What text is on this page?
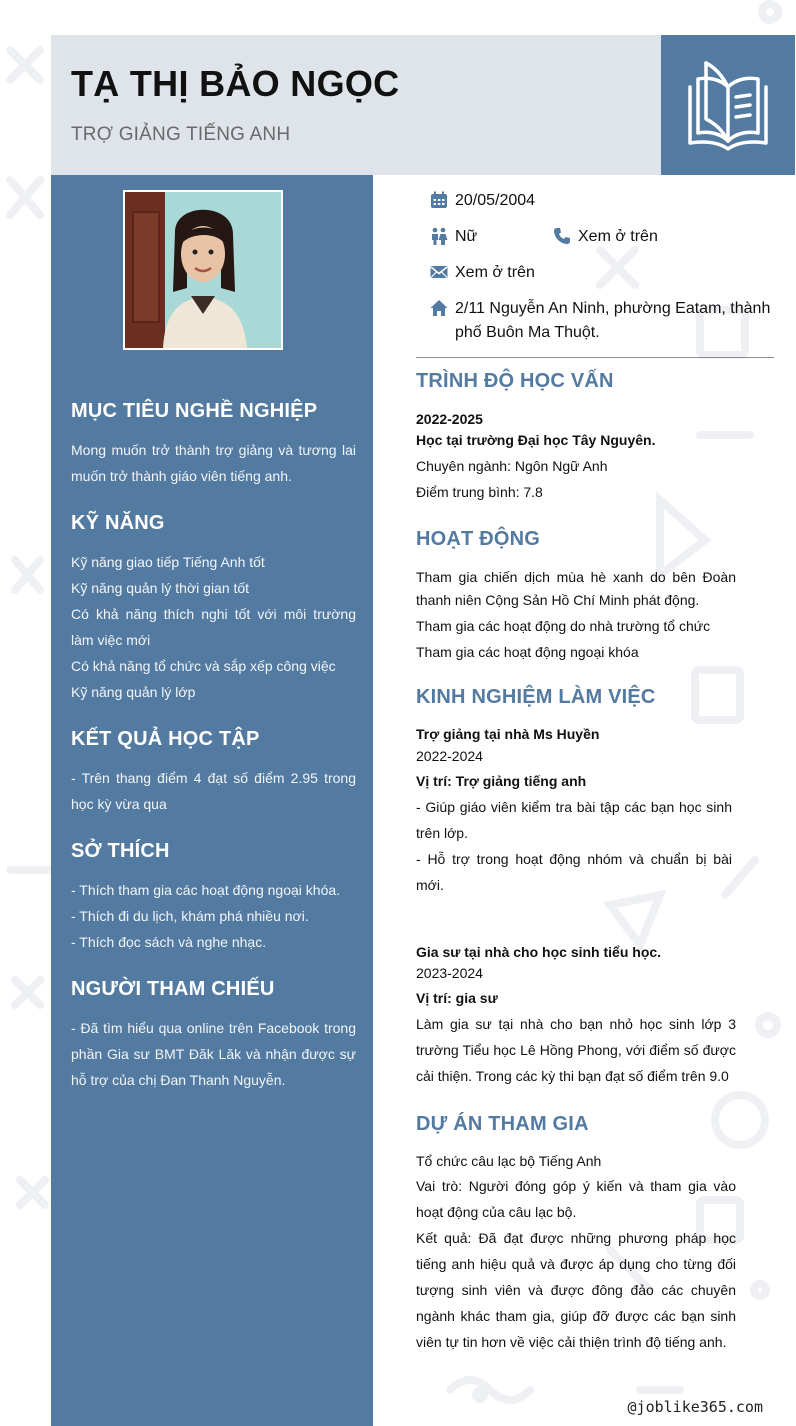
TẠ THỊ BẢO NGỌC
TRỢ GIẢNG TIẾNG ANH
MỤC TIÊU NGHỀ NGHIỆP
Mong muốn trở thành trợ giảng và tương lai muốn trở thành giáo viên tiếng anh.
KỸ NĂNG
Kỹ năng giao tiếp Tiếng Anh tốt
Kỹ năng quản lý thời gian tốt
Có khả năng thích nghi tốt với môi trường làm việc mới
Có khả năng tổ chức và sắp xếp công việc
Kỹ năng quản lý lớp
KẾT QUẢ HỌC TẬP
- Trên thang điểm 4 đạt số điểm 2.95 trong học kỳ vừa qua
SỞ THÍCH
- Thích tham gia các hoạt động ngoại khóa.
- Thích đi du lịch, khám phá nhiều nơi.
- Thích đọc sách và nghe nhạc.
NGƯỜI THAM CHIẾU
- Đã tìm hiểu qua online trên Facebook trong phần Gia sư BMT Đăk Lăk và nhận được sự hỗ trợ của chị Đan Thanh Nguyễn.
20/05/2004
Nữ	Xem ở trên
Xem ở trên
2/11 Nguyễn An Ninh, phường Eatam, thành
phố Buôn Ma Thuột.
TRÌNH ĐỘ HỌC VẤN
2022-2025
Học tại trường Đại học Tây Nguyên.
Chuyên ngành: Ngôn Ngữ Anh
Điểm trung bình: 7.8
HOẠT ĐỘNG
Tham gia chiến dịch mùa hè xanh do bên Đoàn thanh niên Cộng Sản Hồ Chí Minh phát động.
Tham gia các hoạt động do nhà trường tổ chức
Tham gia các hoạt động ngoại khóa
KINH NGHIỆM LÀM VIỆC
Trợ giảng tại nhà Ms Huyền
2022-2024
Vị trí: Trợ giảng tiếng anh
- Giúp giáo viên kiểm tra bài tập các bạn học sinh trên lớp.
- Hỗ trợ trong hoạt động nhóm và chuẩn bị bài mới.
Gia sư tại nhà cho học sinh tiểu học.
2023-2024
Vị trí: gia sư
Làm gia sư tại nhà cho bạn nhỏ học sinh lớp 3 trường Tiểu học Lê Hồng Phong, với điểm số được cải thiện. Trong các kỳ thi bạn đạt số điểm trên 9.0
DỰ ÁN THAM GIA
Tổ chức câu lạc bộ Tiếng Anh
Vai trò: Người đóng góp ý kiến và tham gia vào hoạt động của câu lạc bộ.
Kết quả: Đã đạt được những phương pháp học tiếng anh hiệu quả và được áp dụng cho từng đối tượng sinh viên và được đông đảo các chuyên ngành khác tham gia, giúp đỡ được các bạn sinh viên tự tin hơn về việc cải thiện trình độ tiếng anh.
@joblike365.com
